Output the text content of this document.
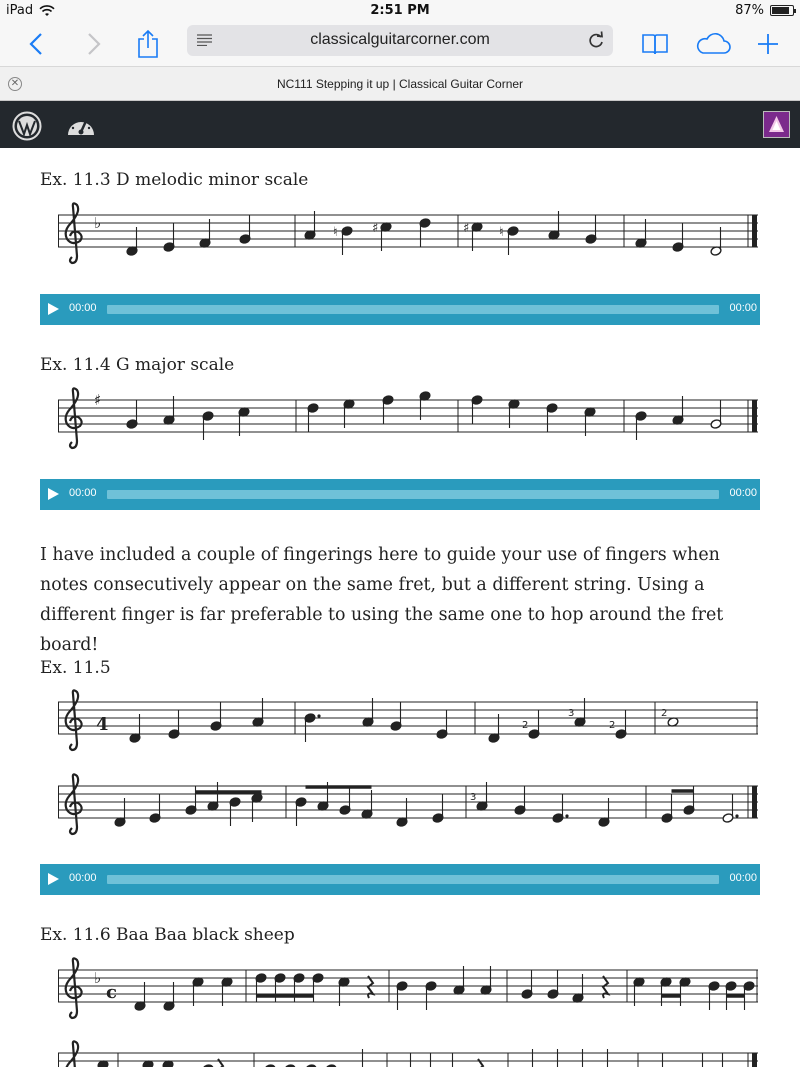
iPad	2:51 PM	87%
classicalguitarcorner.com
✕	NC111 Stepping it up | Classical Guitar Corner
Ex. 11.3 D melodic minor scale
♭
♮	♯	♯ ♮
00:00	00:00
Ex. 11.4 G major scale
♯
00:00	00:00

I have included a couple of fingerings here to guide your use of fingers when notes consecutively appear on the same fret, but a different string. Using a different finger is far preferable to using the same one to hop around the fret board!

Ex. 11.5
4	2
3
2
2
3
00:00	00:00
Ex. 11.6 Baa Baa black sheep
♭
c
